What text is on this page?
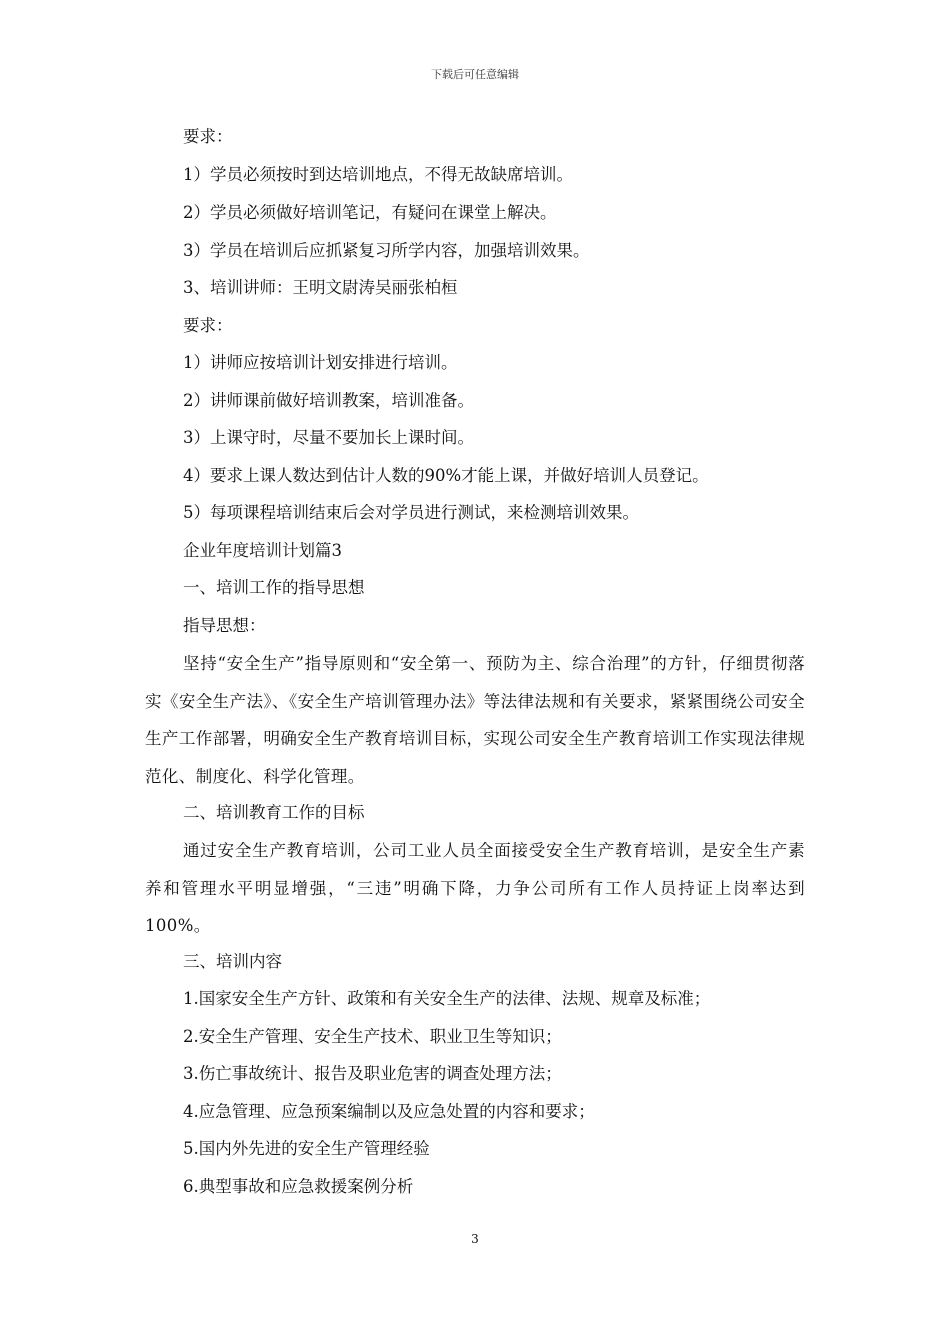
下载后可任意编辑
要求：
1）学员必须按时到达培训地点，不得无故缺席培训。
2）学员必须做好培训笔记，有疑问在课堂上解决。
3）学员在培训后应抓紧复习所学内容，加强培训效果。
3、培训讲师：王明文尉涛吴丽张柏桓
要求：
1）讲师应按培训计划安排进行培训。
2）讲师课前做好培训教案，培训准备。
3）上课守时，尽量不要加长上课时间。
4）要求上课人数达到估计人数的90%才能上课，并做好培训人员登记。
5）每项课程培训结束后会对学员进行测试，来检测培训效果。
企业年度培训计划篇3
一、培训工作的指导思想
指导思想：
坚持“安全生产”指导原则和“安全第一、预防为主、综合治理”的方针，仔细贯彻落实《安全生产法》、《安全生产培训管理办法》等法律法规和有关要求，紧紧围绕公司安全生产工作部署，明确安全生产教育培训目标，实现公司安全生产教育培训工作实现法律规范化、制度化、科学化管理。
二、培训教育工作的目标
通过安全生产教育培训，公司工业人员全面接受安全生产教育培训，是安全生产素养和管理水平明显增强，“三违”明确下降，力争公司所有工作人员持证上岗率达到100%。
三、培训内容
1.国家安全生产方针、政策和有关安全生产的法律、法规、规章及标准；
2.安全生产管理、安全生产技术、职业卫生等知识；
3.伤亡事故统计、报告及职业危害的调查处理方法；
4.应急管理、应急预案编制以及应急处置的内容和要求；
5.国内外先进的安全生产管理经验
6.典型事故和应急救援案例分析
3
